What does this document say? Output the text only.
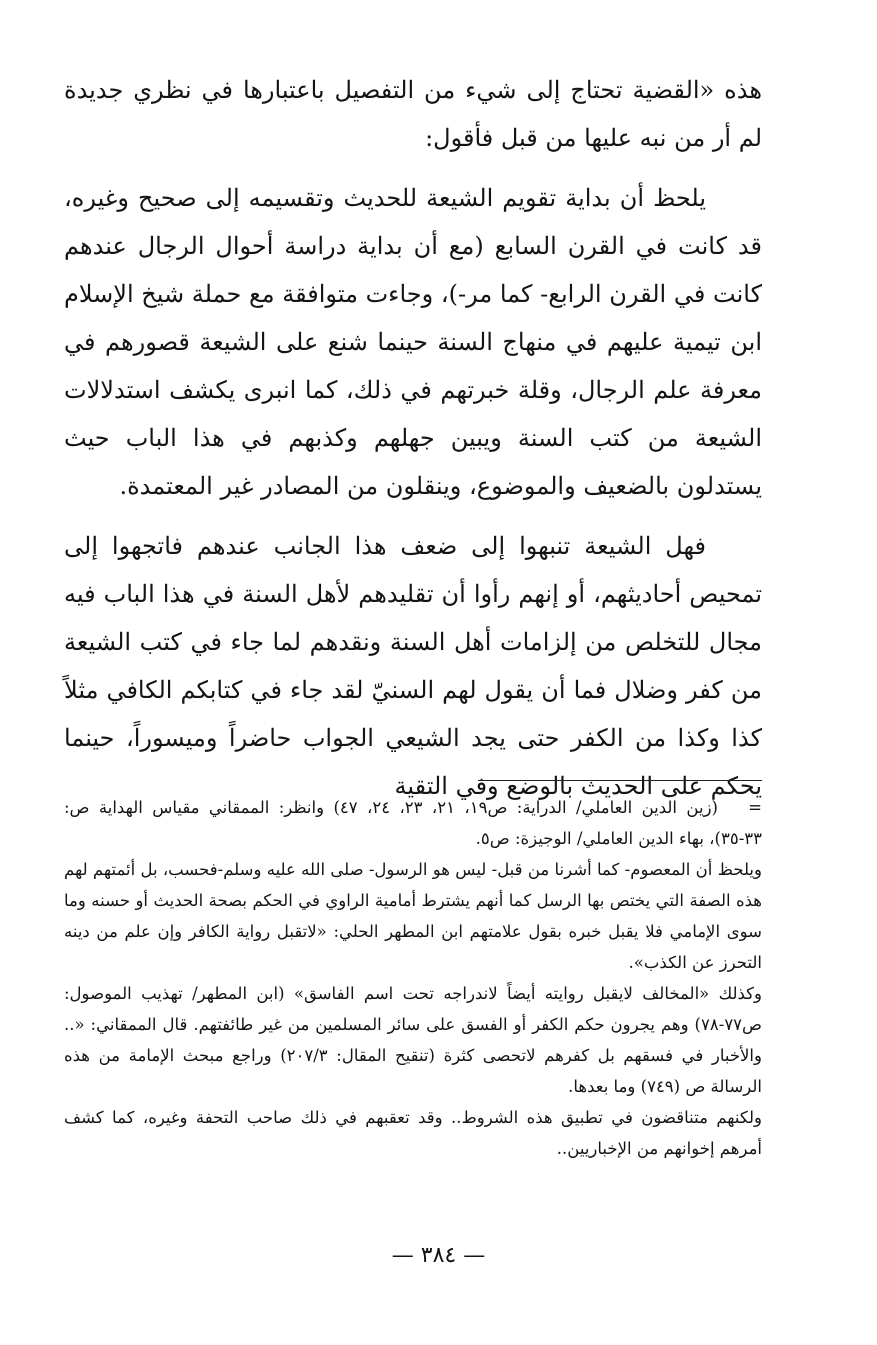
هذه «القضية تحتاج إلى شيء من التفصيل باعتبارها في نظري جديدة لم أر من نبه عليها من قبل فأقول:

يلحظ أن بداية تقويم الشيعة للحديث وتقسيمه إلى صحيح وغيره، قد كانت في القرن السابع (مع أن بداية دراسة أحوال الرجال عندهم كانت في القرن الرابع- كما مر-)، وجاءت متوافقة مع حملة شيخ الإسلام ابن تيمية عليهم في منهاج السنة حينما شنع على الشيعة قصورهم في معرفة علم الرجال، وقلة خبرتهم في ذلك، كما انبرى يكشف استدلالات الشيعة من كتب السنة ويبين جهلهم وكذبهم في هذا الباب حيث يستدلون بالضعيف والموضوع، وينقلون من المصادر غير المعتمدة.

فهل الشيعة تنبهوا إلى ضعف هذا الجانب عندهم فاتجهوا إلى تمحيص أحاديثهم، أو إنهم رأوا أن تقليدهم لأهل السنة في هذا الباب فيه مجال للتخلص من إلزامات أهل السنة ونقدهم لما جاء في كتب الشيعة من كفر وضلال فما أن يقول لهم السنيّ لقد جاء في كتابكم الكافي مثلاً كذا وكذا من الكفر حتى يجد الشيعي الجواب حاضراً وميسوراً، حينما يحكم على الحديث بالوضع وفي التقية

=(زين الدين العاملي/ الدراية: ص١٩، ٢١، ٢٣، ٢٤، ٤٧) وانظر: الممقاني مقياس الهداية ص: ٣٣-٣٥)، بهاء الدين العاملي/ الوجيزة: ص٥.

ويلحظ أن المعصوم- كما أشرنا من قبل- ليس هو الرسول- صلى الله عليه وسلم-فحسب، بل أئمتهم لهم هذه الصفة التي يختص بها الرسل كما أنهم يشترط أمامية الراوي في الحكم بصحة الحديث أو حسنه وما سوى الإمامي فلا يقبل خبره بقول علامتهم ابن المطهر الحلي: «لاتقبل رواية الكافر وإن علم من دينه التحرز عن الكذب».

وكذلك «المخالف لايقبل روايته أيضاً لاندراجه تحت اسم الفاسق» (ابن المطهر/ تهذيب الموصول: ص٧٧-٧٨) وهم يجرون حكم الكفر أو الفسق على سائر المسلمين من غير طائفتهم. قال الممقاني: «.. والأخبار في فسقهم بل كفرهم لاتحصى كثرة (تنقيح المقال: ٢٠٧/٣) وراجع مبحث الإمامة من هذه الرسالة ص (٧٤٩) وما بعدها.

ولكنهم متناقضون في تطبيق هذه الشروط.. وقد تعقبهم في ذلك صاحب التحفة وغيره، كما كشف أمرهم إخوانهم من الإخباريين..

— ٣٨٤ —
